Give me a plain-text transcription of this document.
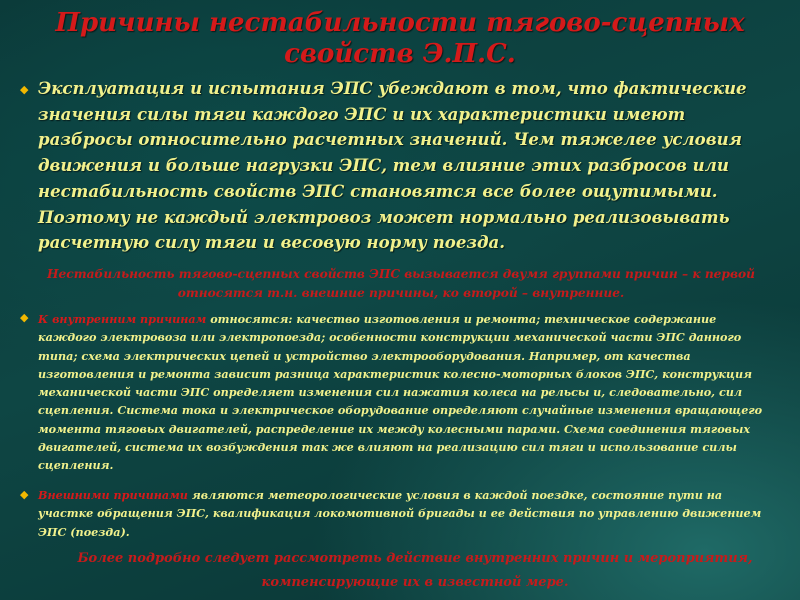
Причины нестабильности тягово-сцепных свойств Э.П.С.
◆ Эксплуатация и испытания ЭПС убеждают в том, что фактические значения силы тяги каждого ЭПС и их характеристики имеют разбросы относительно расчетных значений. Чем тяжелее условия движения и больше нагрузки ЭПС, тем влияние этих разбросов или нестабильность свойств ЭПС становятся все более ощутимыми. Поэтому не каждый электровоз может нормально реализовывать расчетную силу тяги и весовую норму поезда.
Нестабильность тягово-сцепных свойств ЭПС вызывается двумя группами причин – к первой относятся т.н. внешние причины, ко второй – внутренние.
◆ К внутренним причинам относятся: качество изготовления и ремонта; техническое содержание каждого электровоза или электропоезда; особенности конструкции механической части ЭПС данного типа; схема электрических цепей и устройство электрооборудования. Например, от качества изготовления и ремонта зависит разница характеристик колесно-моторных блоков ЭПС, конструкция механической части ЭПС определяет изменения сил нажатия колеса на рельсы и, следовательно, сил сцепления. Система тока и электрическое оборудование определяют случайные изменения вращающего момента тяговых двигателей, распределение их между колесными парами. Схема соединения тяговых двигателей, система их возбуждения так же влияют на реализацию сил тяги и использование силы сцепления.
◆ Внешними причинами являются метеорологические условия в каждой поездке, состояние пути на участке обращения ЭПС, квалификация локомотивной бригады и ее действия по управлению движением ЭПС (поезда).
Более подробно следует рассмотреть действие внутренних причин и мероприятия, компенсирующие их в известной мере.
